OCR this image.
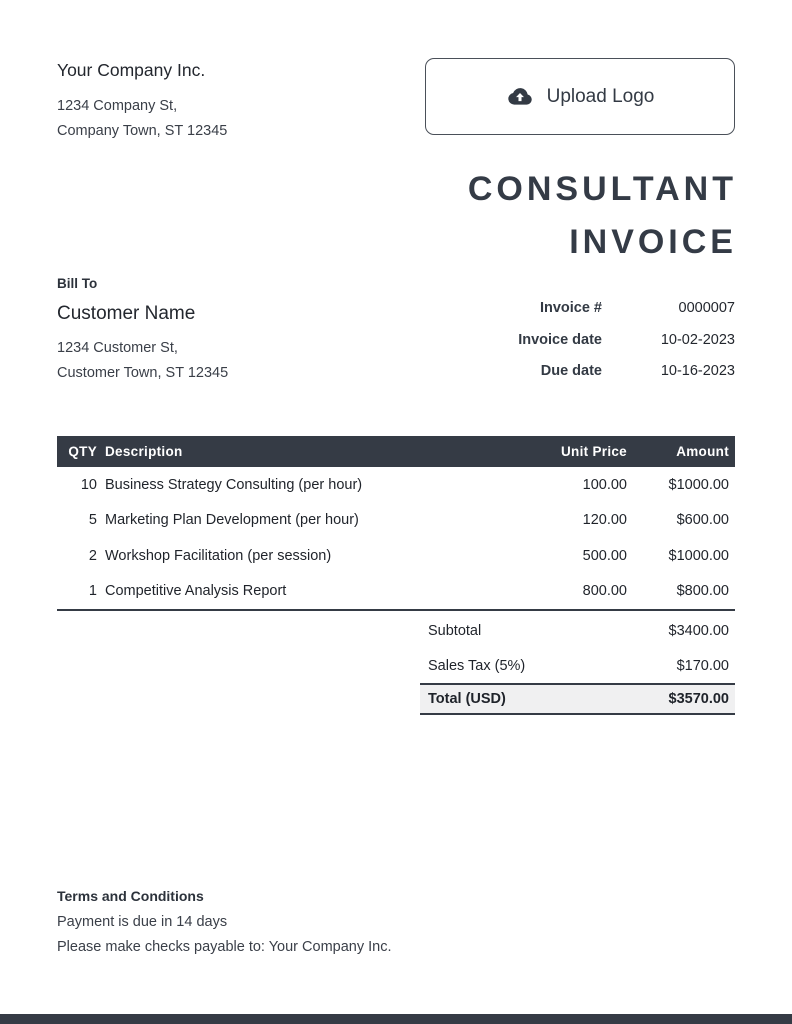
Your Company Inc.
1234 Company St,
Company Town, ST 12345
Upload Logo
CONSULTANT
INVOICE
Bill To
Customer Name
1234 Customer St,
Customer Town, ST 12345
Invoice #	0000007
Invoice date	10-02-2023
Due date	10-16-2023
QTY Description	Unit Price	Amount
10 Business Strategy Consulting (per hour)	100.00	$1000.00
5 Marketing Plan Development (per hour)	120.00	$600.00
2 Workshop Facilitation (per session)	500.00	$1000.00
1 Competitive Analysis Report	800.00	$800.00
Subtotal	$3400.00
Sales Tax (5%)	$170.00
Total (USD)	$3570.00
Terms and Conditions
Payment is due in 14 days
Please make checks payable to: Your Company Inc.
